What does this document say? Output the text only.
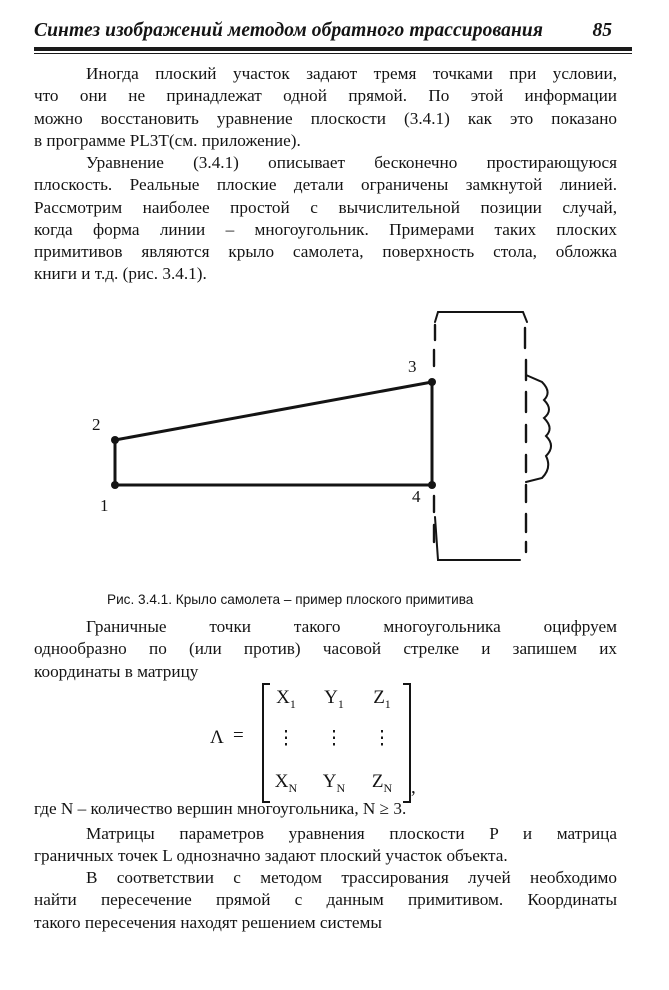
Синтез изображений методом обратного трассирования	85
Иногда плоский участок задают тремя точками при условии,
что они не принадлежат одной прямой. По этой информации
можно восстановить уравнение плоскости (3.4.1) как это показано
в программе PL3T(см. приложение).
Уравнение (3.4.1) описывает бесконечно простирающуюся
плоскость. Реальные плоские детали ограничены замкнутой линией.
Рассмотрим наиболее простой с вычислительной позиции случай,
когда форма линии – многоугольник. Примерами таких плоских
примитивов являются крыло самолета, поверхность стола, обложка
книги и т.д. (рис. 3.4.1).
1
2
3
4
Рис. 3.4.1. Крыло самолета – пример плоского примитива
Граничные точки такого многоугольника оцифруем
однообразно по (или против) часовой стрелке и запишем их
координаты в матрицу
Λ =
$X_1$	$Y_1$	$Z_1$
⋮	⋮	⋮
$X_N$	$Y_N$	$Z_N$ ,
где N – количество вершин многоугольника, N ≥ 3.
Матрицы параметров уравнения плоскости P и матрица
граничных точек L однозначно задают плоский участок объекта.
В соответствии с методом трассирования лучей необходимо
найти пересечение прямой с данным примитивом. Координаты
такого пересечения находят решением системы
